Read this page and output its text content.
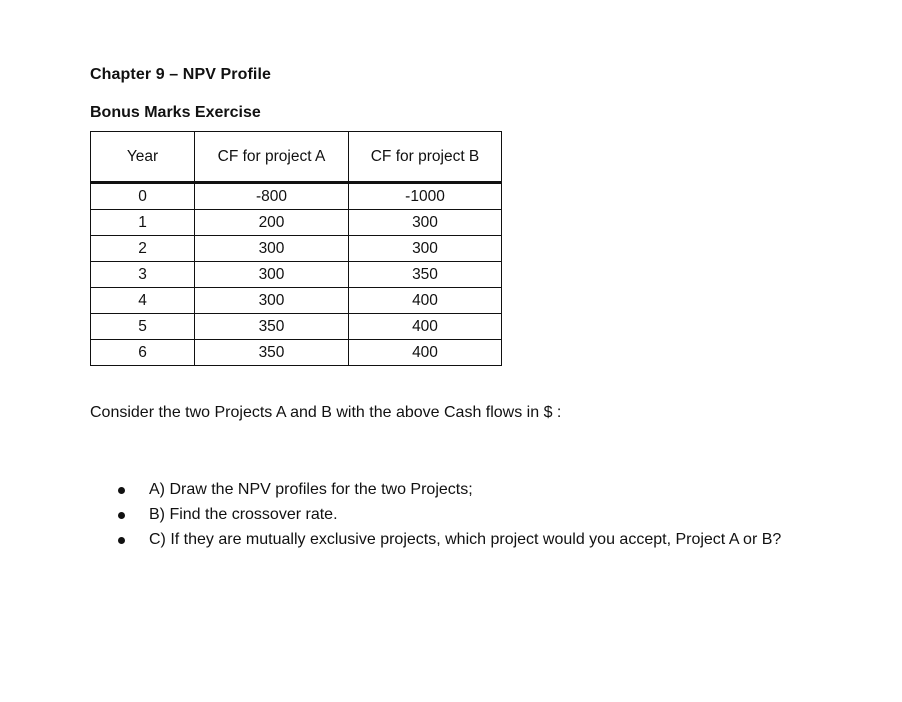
Chapter 9 – NPV Profile
Bonus Marks Exercise
Year	CF for project A	CF for project B
0	-800	-1000
1	200	300
2	300	300
3	300	350
4	300	400
5	350	400
6	350	400
Consider the two Projects A and B with the above Cash flows in $ :
A) Draw the NPV profiles for the two Projects;
B) Find the crossover rate.
C) If they are mutually exclusive projects, which project would you accept, Project A or B?
